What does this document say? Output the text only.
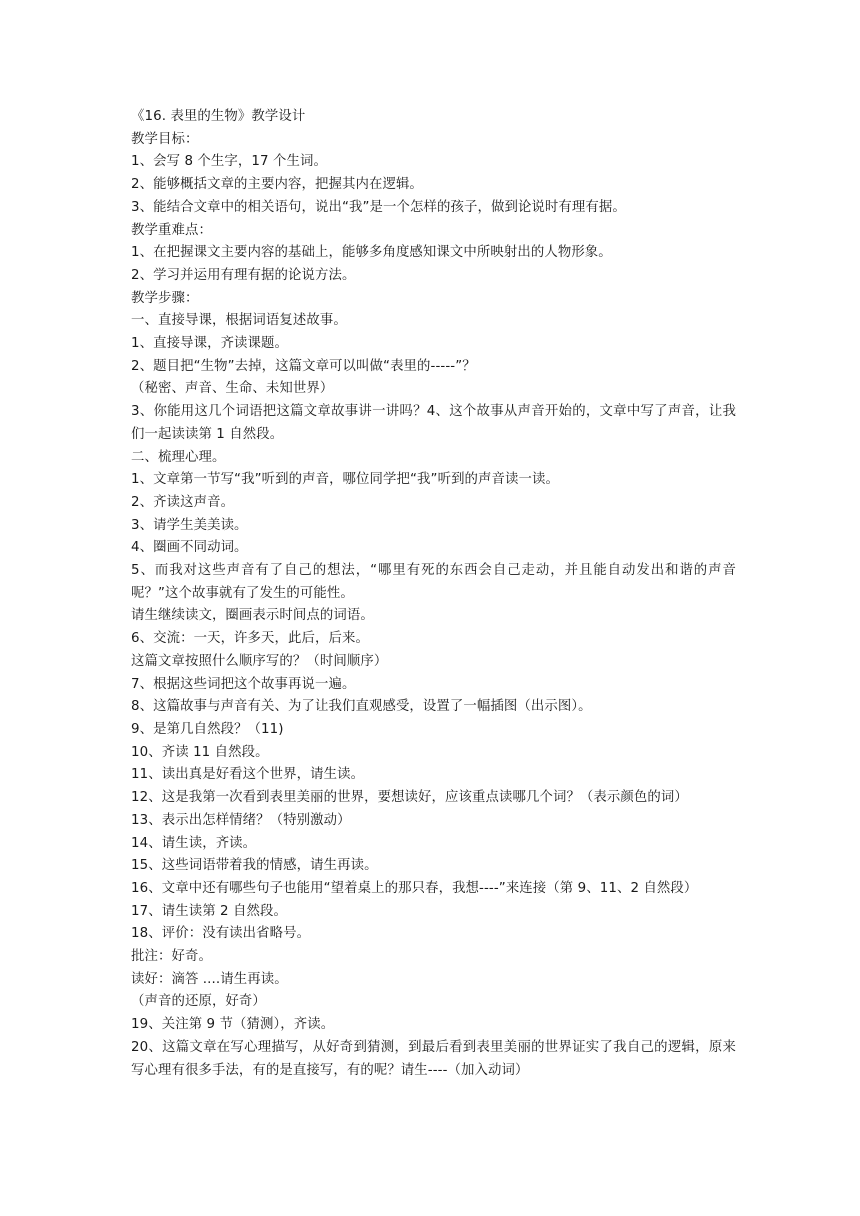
《16. 表里的生物》教学设计

教学目标：

1、会写 8 个生字，17 个生词。

2、能够概括文章的主要内容，把握其内在逻辑。

3、能结合文章中的相关语句，说出“我”是一个怎样的孩子，做到论说时有理有据。

教学重难点：

1、在把握课文主要内容的基础上，能够多角度感知课文中所映射出的人物形象。

2、学习并运用有理有据的论说方法。

教学步骤：

一、直接导课，根据词语复述故事。

1、直接导课，齐读课题。

2、题目把“生物”去掉，这篇文章可以叫做“表里的-----”？

（秘密、声音、生命、未知世界）

3、你能用这几个词语把这篇文章故事讲一讲吗？4、这个故事从声音开始的，文章中写了声音，让我们一起读读第 1 自然段。

二、梳理心理。

1、文章第一节写“我”听到的声音，哪位同学把“我”听到的声音读一读。

2、齐读这声音。

3、请学生美美读。

4、圈画不同动词。

5、而我对这些声音有了自己的想法，“哪里有死的东西会自己走动，并且能自动发出和谐的声音呢？”这个故事就有了发生的可能性。

请生继续读文，圈画表示时间点的词语。

6、交流：一天，许多天，此后，后来。

这篇文章按照什么顺序写的？（时间顺序）

7、根据这些词把这个故事再说一遍。

8、这篇故事与声音有关、为了让我们直观感受，设置了一幅插图（出示图）。

9、是第几自然段？（11)

10、齐读 11 自然段。

11、读出真是好看这个世界，请生读。

12、这是我第一次看到表里美丽的世界，要想读好，应该重点读哪几个词？（表示颜色的词）

13、表示出怎样情绪？（特别激动）

14、请生读，齐读。

15、这些词语带着我的情感，请生再读。

16、文章中还有哪些句子也能用“望着桌上的那只春，我想----”来连接（第 9、11、2 自然段）

17、请生读第 2 自然段。

18、评价：没有读出省略号。

批注：好奇。

读好：滴答 ....请生再读。

（声音的还原，好奇）

19、关注第 9 节（猜测），齐读。

20、这篇文章在写心理描写，从好奇到猜测，到最后看到表里美丽的世界证实了我自己的逻辑，原来写心理有很多手法，有的是直接写，有的呢？请生----（加入动词）
